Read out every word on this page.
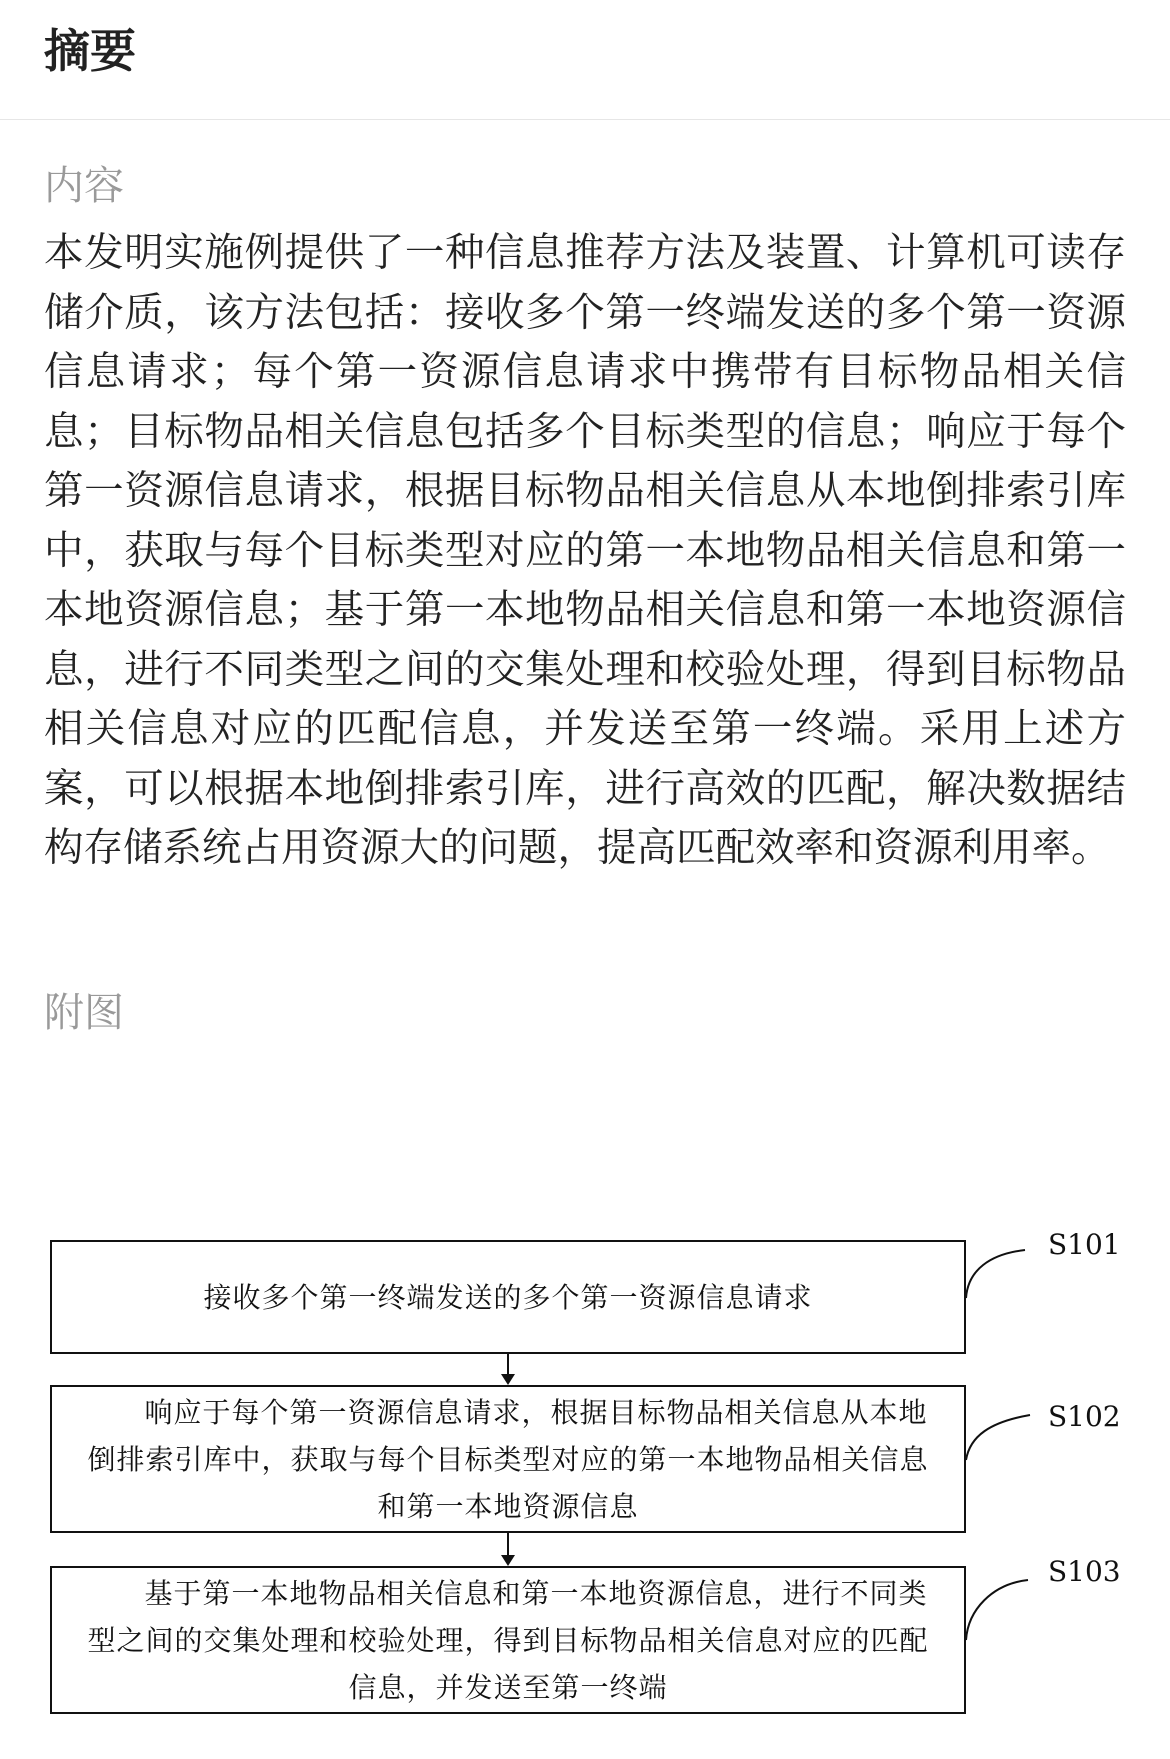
摘要
内容

本发明实施例提供了一种信息推荐方法及装置、计算机可读存储介质，该方法包括：接收多个第一终端发送的多个第一资源信息请求；每个第一资源信息请求中携带有目标物品相关信息；目标物品相关信息包括多个目标类型的信息；响应于每个第一资源信息请求，根据目标物品相关信息从本地倒排索引库中，获取与每个目标类型对应的第一本地物品相关信息和第一本地资源信息；基于第一本地物品相关信息和第一本地资源信息，进行不同类型之间的交集处理和校验处理，得到目标物品相关信息对应的匹配信息，并发送至第一终端。采用上述方案，可以根据本地倒排索引库，进行高效的匹配，解决数据结构存储系统占用资源大的问题，提高匹配效率和资源利用率。

附图
接收多个第一终端发送的多个第一资源信息请求
响应于每个第一资源信息请求，根据目标物品相关信息从本地倒排索引库中，获取与每个目标类型对应的第一本地物品相关信息和第一本地资源信息
基于第一本地物品相关信息和第一本地资源信息，进行不同类型之间的交集处理和校验处理，得到目标物品相关信息对应的匹配信息，并发送至第一终端
S101
S102
S103
